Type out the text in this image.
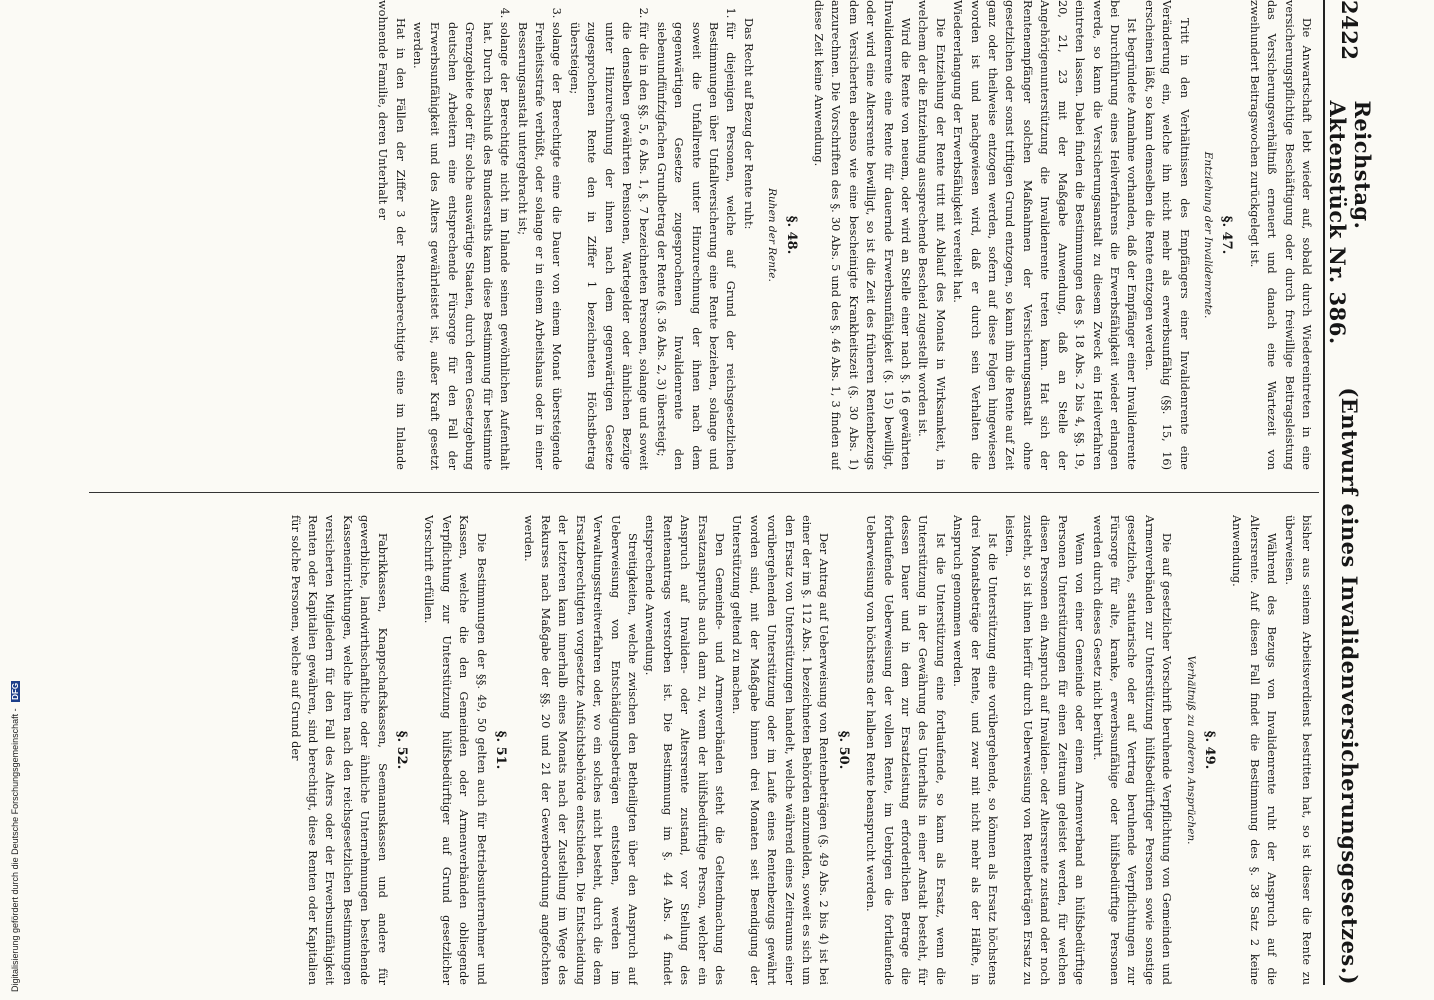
2422
Reichstag.    Aktenstück Nr. 386.
(Entwurf eines Invalidenversicherungsgesetzes.)

Die Anwartschaft lebt wieder auf, sobald durch Wiedereintreten in eine versicherungspflichtige Beschäftigung oder durch freiwillige Beitragsleistung das Versicherungsverhältniß erneuert und danach eine Wartezeit von zweihundert Beitragswochen zurückgelegt ist.

§. 47.
Entziehung der Invalidenrente.

Tritt in den Verhältnissen des Empfängers einer Invalidenrente eine Veränderung ein, welche ihn nicht mehr als erwerbsunfähig (§§. 15, 16) erscheinen läßt, so kann demselben die Rente entzogen werden.

Ist begründete Annahme vorhanden, daß der Empfänger einer Invalidenrente bei Durchführung eines Heilverfahrens die Erwerbsfähigkeit wieder erlangen werde, so kann die Versicherungsanstalt zu diesem Zweck ein Heilverfahren eintreten lassen. Dabei finden die Bestimmungen des §. 18 Abs. 2 bis 4, §§. 19, 20, 21, 23 mit der Maßgabe Anwendung, daß an Stelle der Angehörigenunterstützung die Invalidenrente treten kann. Hat sich der Rentenempfänger solchen Maßnahmen der Versicherungsanstalt ohne gesetzlichen oder sonst triftigen Grund entzogen, so kann ihm die Rente auf Zeit ganz oder theilweise entzogen werden, sofern auf diese Folgen hingewiesen worden ist und nachgewiesen wird, daß er durch sein Verhalten die Wiedererlangung der Erwerbsfähigkeit vereitelt hat.

Die Entziehung der Rente tritt mit Ablauf des Monats in Wirksamkeit, in welchem der die Entziehung aussprechende Bescheid zugestellt worden ist.

Wird die Rente von neuem, oder wird an Stelle einer nach §. 16 gewährten Invalidenrente eine Rente für dauernde Erwerbsunfähigkeit (§. 15) bewilligt, oder wird eine Altersrente bewilligt, so ist die Zeit des früheren Rentenbezugs dem Versicherten ebenso wie eine bescheinigte Krankheitszeit (§. 30 Abs. 1) anzurechnen. Die Vorschriften des §. 30 Abs. 5 und des §. 46 Abs. 1, 3 finden auf diese Zeit keine Anwendung.

§. 48.
Ruhen der Rente.

Das Recht auf Bezug der Rente ruht:

1. für diejenigen Personen, welche auf Grund der reichsgesetzlichen Bestimmungen über Unfallversicherung eine Rente beziehen, solange und soweit die Unfallrente unter Hinzurechnung der ihnen nach dem gegenwärtigen Gesetze zugesprochenen Invalidenrente den siebenundfünfzigfachen Grundbetrag der Rente (§. 36 Abs. 2, 3) übersteigt;
2. für die in den §§. 5, 6 Abs. 1, §. 7 bezeichneten Personen, solange und soweit die denselben gewährten Pensionen, Wartegelder oder ähnlichen Bezüge unter Hinzurechnung der ihnen nach dem gegenwärtigen Gesetze zugesprochenen Rente den in Ziffer 1 bezeichneten Höchstbetrag übersteigen;
3. solange der Berechtigte eine die Dauer von einem Monat übersteigende Freiheitsstrafe verbüßt, oder solange er in einem Arbeitshaus oder in einer Besserungsanstalt untergebracht ist;
4. solange der Berechtigte nicht im Inlande seinen gewöhnlichen Aufenthalt hat. Durch Beschluß des Bundesraths kann diese Bestimmung für bestimmte Grenzgebiete oder für solche auswärtige Staaten, durch deren Gesetzgebung deutschen Arbeitern eine entsprechende Fürsorge für den Fall der Erwerbsunfähigkeit und des Alters gewährleistet ist, außer Kraft gesetzt werden.

Hat in den Fällen der Ziffer 3 der Rentenberechtigte eine im Inlande wohnende Familie, deren Unterhalt er

bisher aus seinem Arbeitsverdienst bestritten hat, so ist dieser die Rente zu überweisen.

Während des Bezugs von Invalidenrente ruht der Anspruch auf die Altersrente. Auf diesen Fall findet die Bestimmung des §. 38 Satz 2 keine Anwendung.

§. 49.
Verhältniß zu anderen Ansprüchen.

Die auf gesetzlicher Vorschrift beruhende Verpflichtung von Gemeinden und Armenverbänden zur Unterstützung hülfsbedürftiger Personen sowie sonstige gesetzliche, statutarische oder auf Vertrag beruhende Verpflichtungen zur Fürsorge für alte, kranke, erwerbsunfähige oder hülfsbedürftige Personen werden durch dieses Gesetz nicht berührt.

Wenn von einer Gemeinde oder einem Armenverband an hülfsbedürftige Personen Unterstützungen für einen Zeitraum geleistet werden, für welchen diesen Personen ein Anspruch auf Invaliden- oder Altersrente zustand oder noch zusteht, so ist ihnen hierfür durch Ueberweisung von Rentenbeträgen Ersatz zu leisten.

Ist die Unterstützung eine vorübergehende, so können als Ersatz höchstens drei Monatsbeträge der Rente, und zwar mit nicht mehr als der Hälfte, in Anspruch genommen werden.

Ist die Unterstützung eine fortlaufende, so kann als Ersatz, wenn die Unterstützung in der Gewährung des Unterhalts in einer Anstalt besteht, für dessen Dauer und in dem zur Ersatzleistung erforderlichen Betrage die fortlaufende Ueberweisung der vollen Rente, im Uebrigen die fortlaufende Ueberweisung von höchstens der halben Rente beansprucht werden.

§. 50.

Der Antrag auf Ueberweisung von Rentenbeträgen (§. 49 Abs. 2 bis 4) ist bei einer der im §. 112 Abs. 1 bezeichneten Behörden anzumelden, soweit es sich um den Ersatz von Unterstützungen handelt, welche während eines Zeitraums einer vorübergehenden Unterstützung oder im Laufe eines Rentenbezugs gewährt worden sind, mit der Maßgabe binnen drei Monaten seit Beendigung der Unterstützung geltend zu machen.

Den Gemeinde- und Armenverbänden steht die Geltendmachung des Ersatzanspruchs auch dann zu, wenn der hülfsbedürftige Person, welcher ein Anspruch auf Invaliden- oder Altersrente zustand, vor Stellung des Rentenantrags verstorben ist. Die Bestimmung im §. 44 Abs. 4 findet entsprechende Anwendung.

Streitigkeiten, welche zwischen den Betheiligten über den Anspruch auf Ueberweisung von Entschädigungsbeträgen entstehen, werden im Verwaltungsstreitverfahren oder, wo ein solches nicht besteht, durch die dem Ersatzberechtigten vorgesetzte Aufsichtsbehörde entschieden. Die Entscheidung der letzteren kann innerhalb eines Monats nach der Zustellung im Wege des Rekurses nach Maßgabe der §§. 20 und 21 der Gewerbeordnung angefochten werden.

§. 51.

Die Bestimmungen der §§. 49, 50 gelten auch für Betriebsunternehmer und Kassen, welche die den Gemeinden oder Armenverbänden obliegende Verpflichtung zur Unterstützung hülfsbedürftiger auf Grund gesetzlicher Vorschrift erfüllen.

§. 52.

Fabrikkassen, Knappschaftskassen, Seemannskassen und andere für gewerbliche, landwirthschaftliche oder ähnliche Unternehmungen bestehende Kasseneinrichtungen, welche ihren nach den reichsgesetzlichen Bestimmungen versicherten Mitgliedern für den Fall des Alters oder der Erwerbsunfähigkeit Renten oder Kapitalien gewähren, sind berechtigt, diese Renten oder Kapitalien für solche Personen, welche auf Grund der

Digitalisierung gefördert durch die Deutsche Forschungsgemeinschaft - DFG
